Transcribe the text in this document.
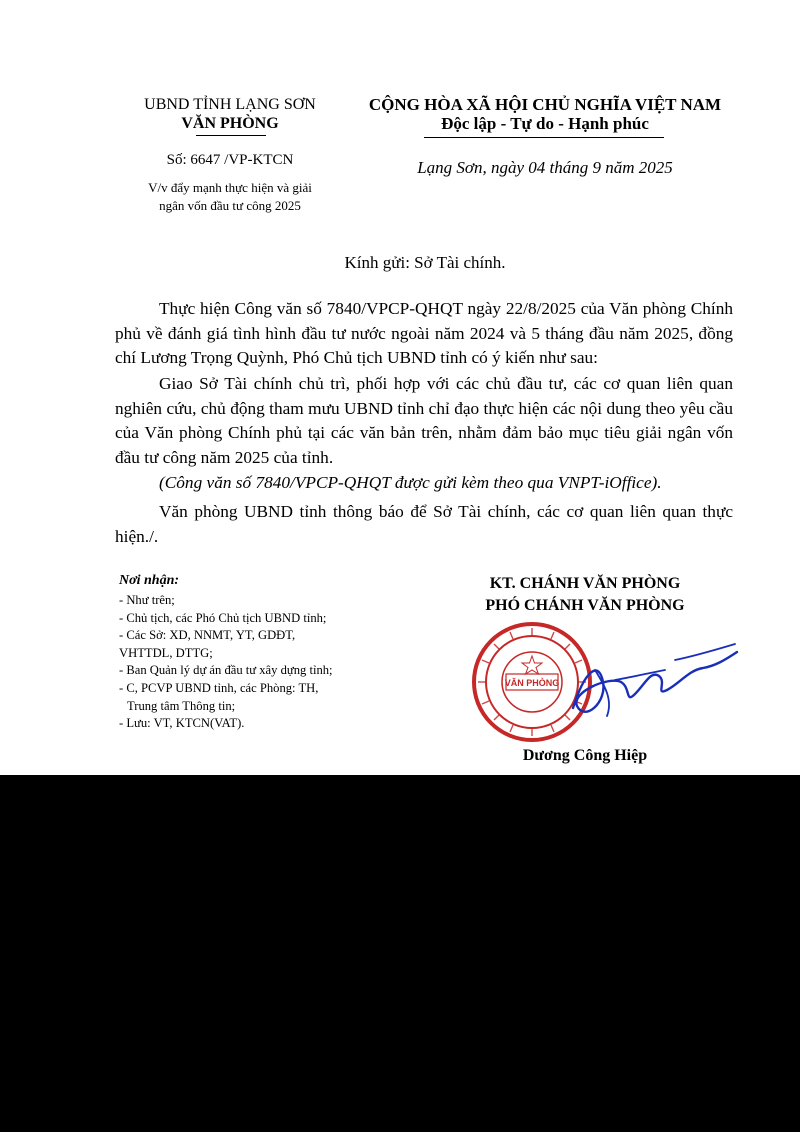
UBND TỈNH LẠNG SƠN
VĂN PHÒNG
CỘNG HÒA XÃ HỘI CHỦ NGHĨA VIỆT NAM
Độc lập - Tự do - Hạnh phúc
Số: 6647 /VP-KTCN
V/v đẩy mạnh thực hiện và giải
ngân vốn đầu tư công 2025
Lạng Sơn, ngày 04 tháng 9 năm 2025
Kính gửi: Sở Tài chính.
Thực hiện Công văn số 7840/VPCP-QHQT ngày 22/8/2025 của Văn phòng Chính phủ về đánh giá tình hình đầu tư nước ngoài năm 2024 và 5 tháng đầu năm 2025, đồng chí Lương Trọng Quỳnh, Phó Chủ tịch UBND tỉnh có ý kiến như sau:
Giao Sở Tài chính chủ trì, phối hợp với các chủ đầu tư, các cơ quan liên quan nghiên cứu, chủ động tham mưu UBND tỉnh chỉ đạo thực hiện các nội dung theo yêu cầu của Văn phòng Chính phủ tại các văn bản trên, nhằm đảm bảo mục tiêu giải ngân vốn đầu tư công năm 2025 của tỉnh.
(Công văn số 7840/VPCP-QHQT được gửi kèm theo qua VNPT-iOffice).
Văn phòng UBND tỉnh thông báo để Sở Tài chính, các cơ quan liên quan thực hiện./.
Nơi nhận:
- Như trên;
- Chủ tịch, các Phó Chủ tịch UBND tỉnh;
- Các Sở: XD, NNMT, YT, GDĐT,
VHTTDL, DTTG;
- Ban Quản lý dự án đầu tư xây dựng tỉnh;
- C, PCVP UBND tỉnh, các Phòng: TH,
Trung tâm Thông tin;
- Lưu: VT, KTCN(VAT).
KT. CHÁNH VĂN PHÒNG
PHÓ CHÁNH VĂN PHÒNG
VĂN PHÒNG
Dương Công Hiệp
